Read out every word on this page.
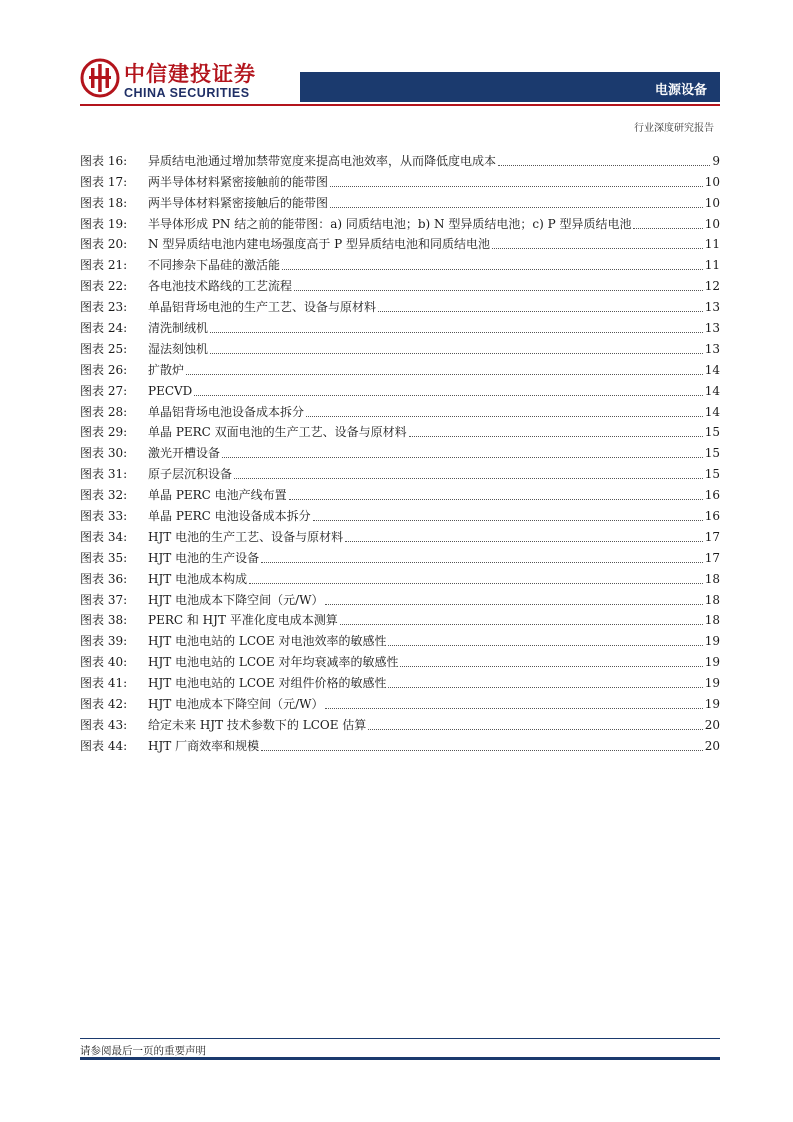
中信建投证券
CHINA SECURITIES	电源设备
行业深度研究报告
图表 16:	异质结电池通过增加禁带宽度来提高电池效率，从而降低度电成本	9
图表 17:	两半导体材料紧密接触前的能带图	10
图表 18:	两半导体材料紧密接触后的能带图	10
图表 19:	半导体形成 PN 结之前的能带图：a) 同质结电池；b) N 型异质结电池；c) P 型异质结电池	10
图表 20:	N 型异质结电池内建电场强度高于 P 型异质结电池和同质结电池	11
图表 21:	不同掺杂下晶硅的激活能	11
图表 22:	各电池技术路线的工艺流程	12
图表 23:	单晶铝背场电池的生产工艺、设备与原材料	13
图表 24:	清洗制绒机	13
图表 25:	湿法刻蚀机	13
图表 26:	扩散炉	14
图表 27:	PECVD	14
图表 28:	单晶铝背场电池设备成本拆分	14
图表 29:	单晶 PERC 双面电池的生产工艺、设备与原材料	15
图表 30:	激光开槽设备	15
图表 31:	原子层沉积设备	15
图表 32:	单晶 PERC 电池产线布置	16
图表 33:	单晶 PERC 电池设备成本拆分	16
图表 34:	HJT 电池的生产工艺、设备与原材料	17
图表 35:	HJT 电池的生产设备	17
图表 36:	HJT 电池成本构成	18
图表 37:	HJT 电池成本下降空间（元/W）	18
图表 38:	PERC 和 HJT 平准化度电成本测算	18
图表 39:	HJT 电池电站的 LCOE 对电池效率的敏感性	19
图表 40:	HJT 电池电站的 LCOE 对年均衰减率的敏感性	19
图表 41:	HJT 电池电站的 LCOE 对组件价格的敏感性	19
图表 42:	HJT 电池成本下降空间（元/W）	19
图表 43:	给定未来 HJT 技术参数下的 LCOE 估算	20
图表 44:	HJT 厂商效率和规模	20
请参阅最后一页的重要声明
